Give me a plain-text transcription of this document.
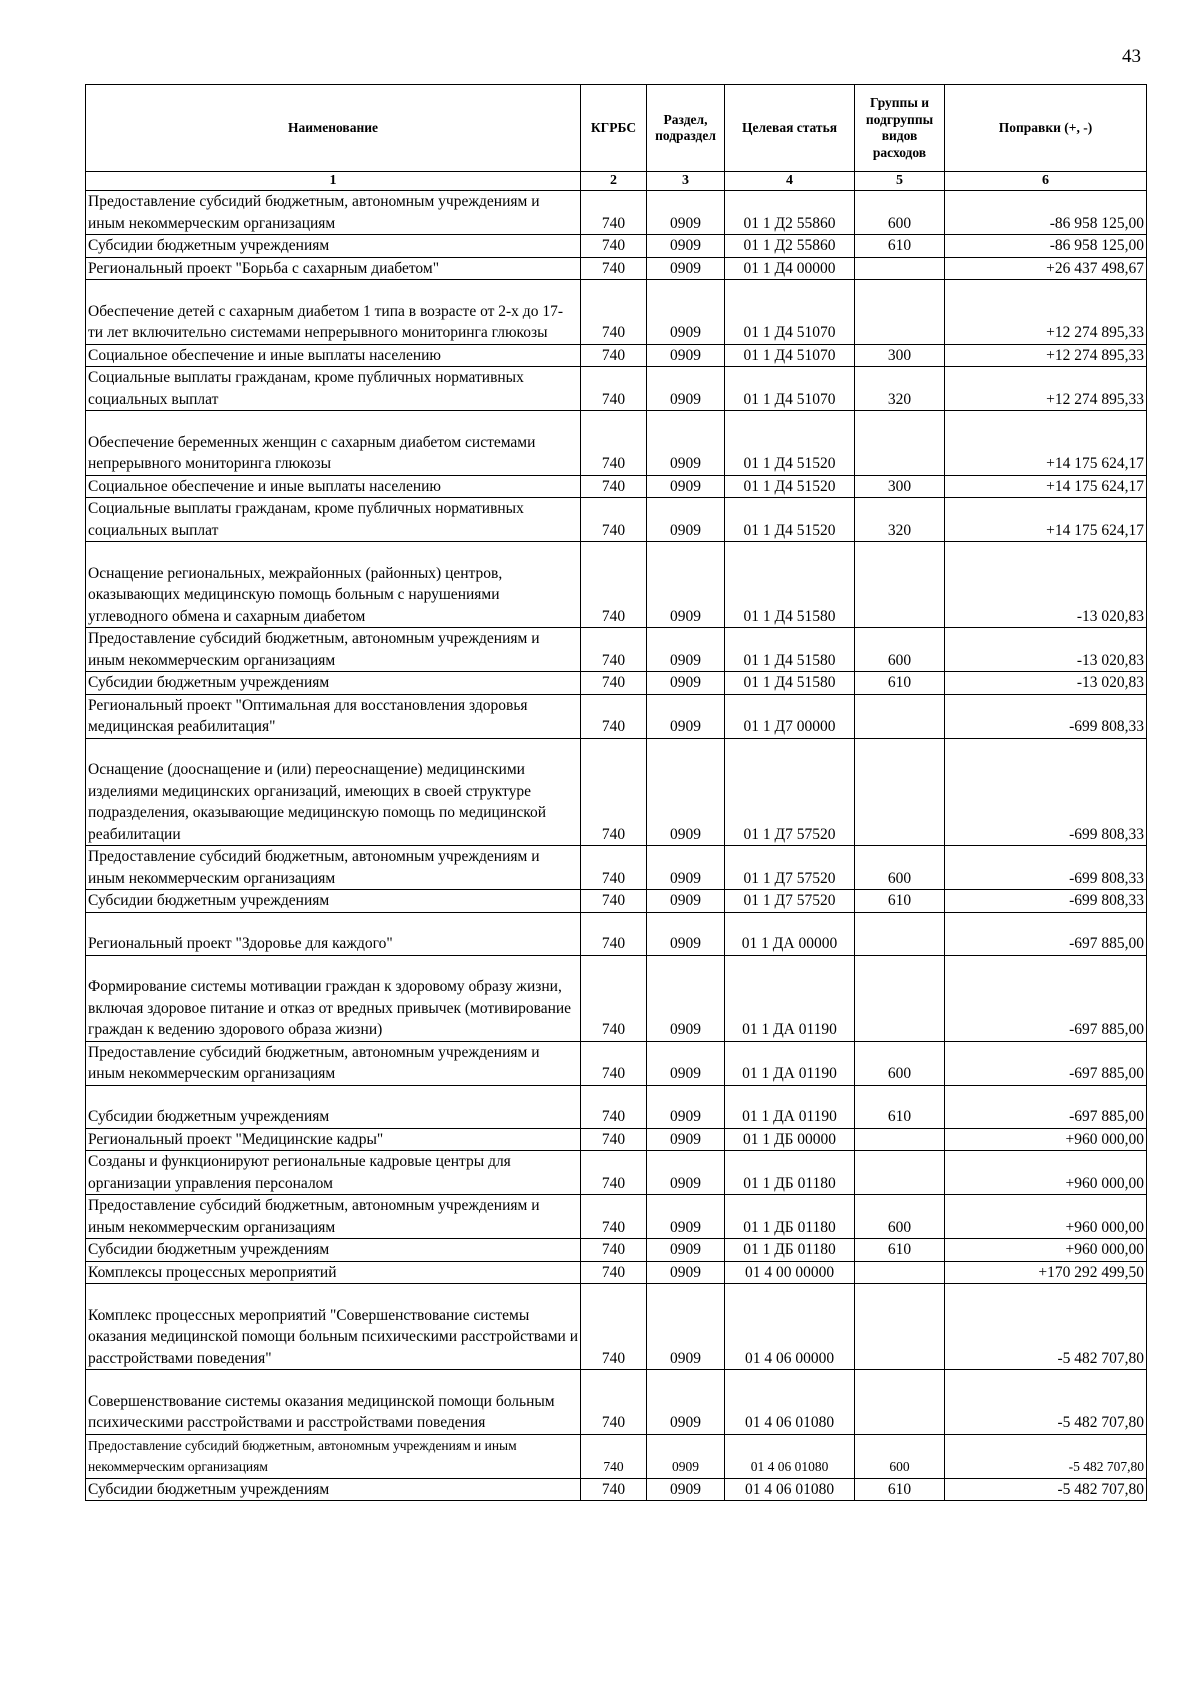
43
Наименование	КГРБС	Раздел, подраздел	Целевая статья	Группы и подгруппы видов расходов	Поправки (+, -)
1	2	3	4	5	6
Предоставление субсидий бюджетным, автономным учреждениям и иным некоммерческим организациям	740	0909	01 1 Д2 55860	600	-86 958 125,00
Субсидии бюджетным учреждениям	740	0909	01 1 Д2 55860	610	-86 958 125,00
Региональный проект "Борьба с сахарным диабетом"	740	0909	01 1 Д4 00000		+26 437 498,67
Обеспечение детей с сахарным диабетом 1 типа в возрасте от 2-х до 17-ти лет включительно системами непрерывного мониторинга глюкозы	740	0909	01 1 Д4 51070		+12 274 895,33
Социальное обеспечение и иные выплаты населению	740	0909	01 1 Д4 51070	300	+12 274 895,33
Социальные выплаты гражданам, кроме публичных нормативных социальных выплат	740	0909	01 1 Д4 51070	320	+12 274 895,33
Обеспечение беременных женщин с сахарным диабетом системами непрерывного мониторинга глюкозы	740	0909	01 1 Д4 51520		+14 175 624,17
Социальное обеспечение и иные выплаты населению	740	0909	01 1 Д4 51520	300	+14 175 624,17
Социальные выплаты гражданам, кроме публичных нормативных социальных выплат	740	0909	01 1 Д4 51520	320	+14 175 624,17
Оснащение региональных, межрайонных (районных) центров, оказывающих медицинскую помощь больным с нарушениями углеводного обмена и сахарным диабетом	740	0909	01 1 Д4 51580		-13 020,83
Предоставление субсидий бюджетным, автономным учреждениям и иным некоммерческим организациям	740	0909	01 1 Д4 51580	600	-13 020,83
Субсидии бюджетным учреждениям	740	0909	01 1 Д4 51580	610	-13 020,83
Региональный проект "Оптимальная для восстановления здоровья медицинская реабилитация"	740	0909	01 1 Д7 00000		-699 808,33
Оснащение (дооснащение и (или) переоснащение) медицинскими изделиями медицинских организаций, имеющих в своей структуре подразделения, оказывающие медицинскую помощь по медицинской реабилитации	740	0909	01 1 Д7 57520		-699 808,33
Предоставление субсидий бюджетным, автономным учреждениям и иным некоммерческим организациям	740	0909	01 1 Д7 57520	600	-699 808,33
Субсидии бюджетным учреждениям	740	0909	01 1 Д7 57520	610	-699 808,33
Региональный проект "Здоровье для каждого"	740	0909	01 1 ДА 00000		-697 885,00
Формирование системы мотивации граждан к здоровому образу жизни, включая здоровое питание и отказ от вредных привычек (мотивирование граждан к ведению здорового образа жизни)	740	0909	01 1 ДА 01190		-697 885,00
Предоставление субсидий бюджетным, автономным учреждениям и иным некоммерческим организациям	740	0909	01 1 ДА 01190	600	-697 885,00
Субсидии бюджетным учреждениям	740	0909	01 1 ДА 01190	610	-697 885,00
Региональный проект "Медицинские кадры"	740	0909	01 1 ДБ 00000		+960 000,00
Созданы и функционируют региональные кадровые центры для организации управления персоналом	740	0909	01 1 ДБ 01180		+960 000,00
Предоставление субсидий бюджетным, автономным учреждениям и иным некоммерческим организациям	740	0909	01 1 ДБ 01180	600	+960 000,00
Субсидии бюджетным учреждениям	740	0909	01 1 ДБ 01180	610	+960 000,00
Комплексы процессных мероприятий	740	0909	01 4 00 00000		+170 292 499,50
Комплекс процессных мероприятий "Совершенствование системы оказания медицинской помощи больным психическими расстройствами и расстройствами поведения"	740	0909	01 4 06 00000		-5 482 707,80
Совершенствование системы оказания медицинской помощи больным психическими расстройствами и расстройствами поведения	740	0909	01 4 06 01080		-5 482 707,80
Предоставление субсидий бюджетным, автономным учреждениям и иным некоммерческим организациям	740	0909	01 4 06 01080	600	-5 482 707,80
Субсидии бюджетным учреждениям	740	0909	01 4 06 01080	610	-5 482 707,80
